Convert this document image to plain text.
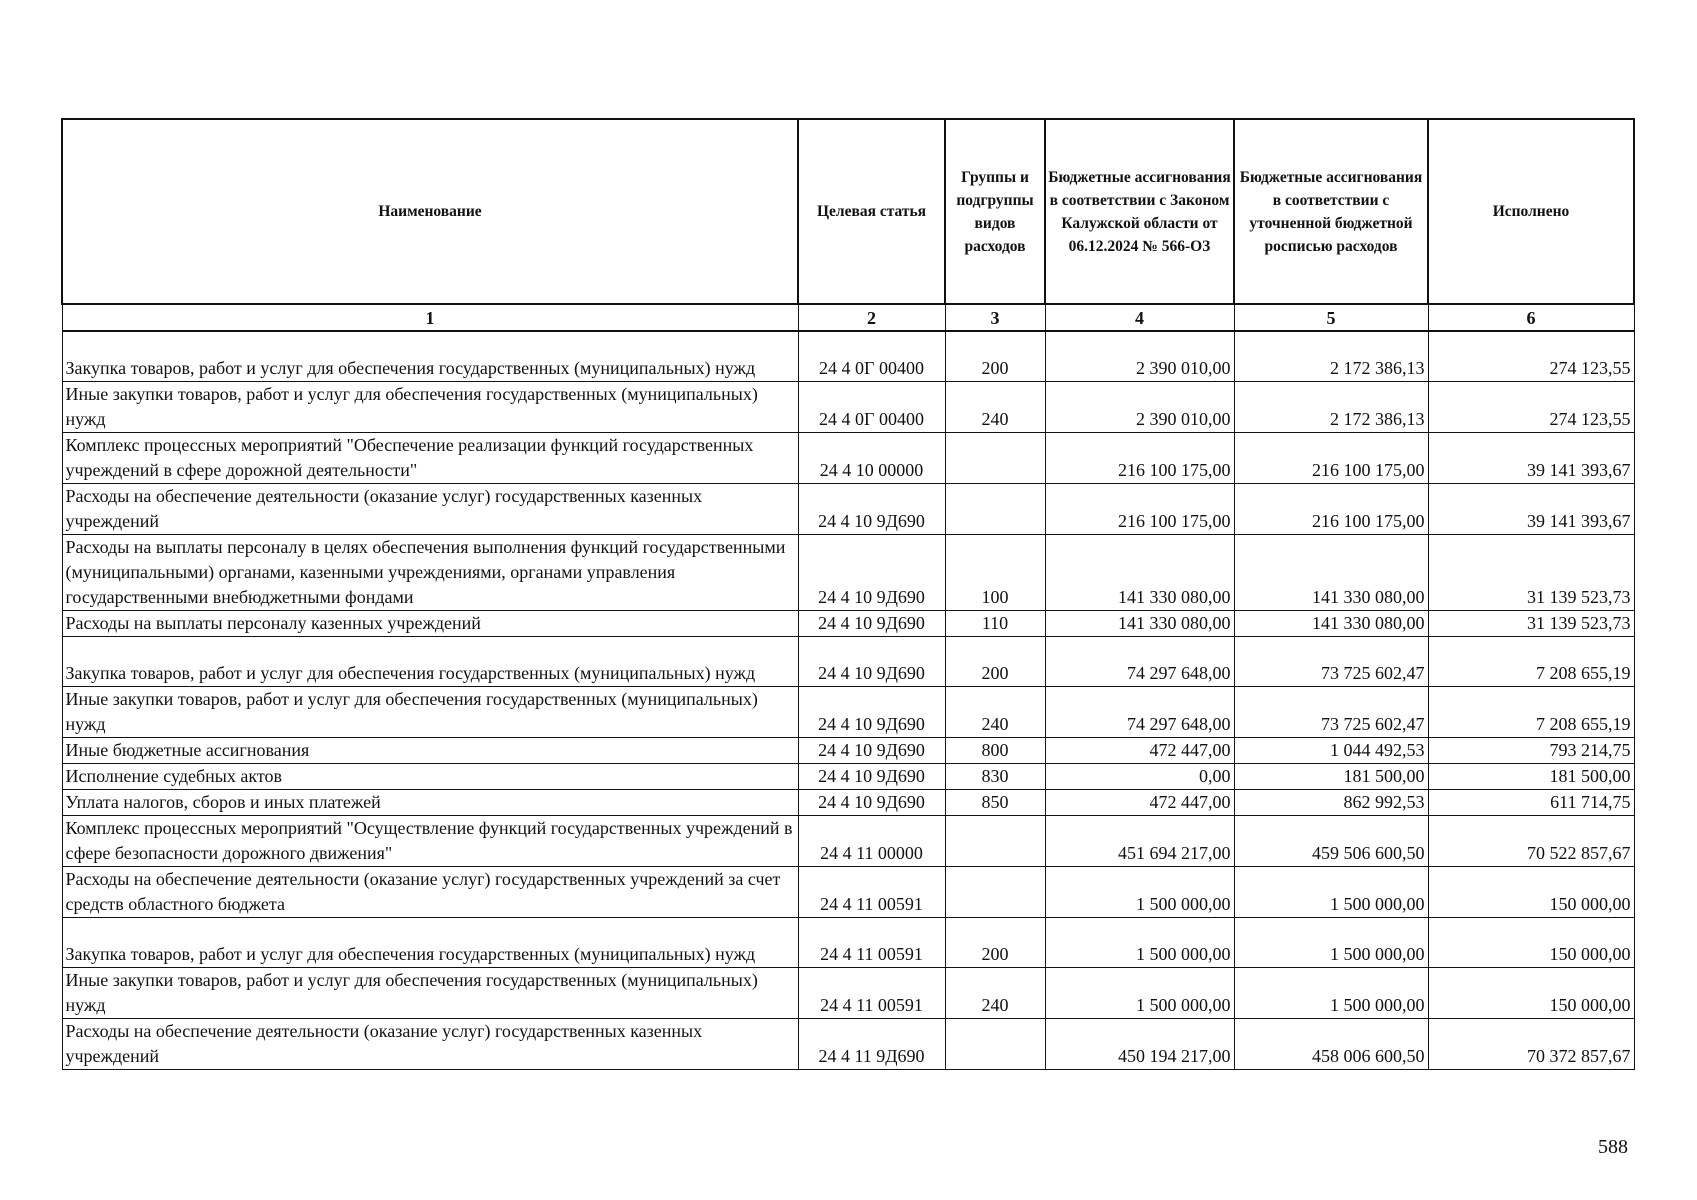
Наименование	Целевая статья	Группы и подгруппы видов расходов	Бюджетные ассигнования в соответствии с Законом Калужской области от 06.12.2024 № 566-ОЗ	Бюджетные ассигнования в соответствии с уточненной бюджетной росписью расходов	Исполнено
1	2	3	4	5	6
Закупка товаров, работ и услуг для обеспечения государственных (муниципальных) нужд	24 4 0Г 00400	200	2 390 010,00	2 172 386,13	274 123,55
Иные закупки товаров, работ и услуг для обеспечения государственных (муниципальных) нужд	24 4 0Г 00400	240	2 390 010,00	2 172 386,13	274 123,55
Комплекс процессных мероприятий "Обеспечение реализации функций государственных учреждений в сфере дорожной деятельности"	24 4 10 00000		216 100 175,00	216 100 175,00	39 141 393,67
Расходы на обеспечение деятельности (оказание услуг) государственных казенных учреждений	24 4 10 9Д690		216 100 175,00	216 100 175,00	39 141 393,67
Расходы на выплаты персоналу в целях обеспечения выполнения функций государственными (муниципальными) органами, казенными учреждениями, органами управления государственными внебюджетными фондами	24 4 10 9Д690	100	141 330 080,00	141 330 080,00	31 139 523,73
Расходы на выплаты персоналу казенных учреждений	24 4 10 9Д690	110	141 330 080,00	141 330 080,00	31 139 523,73
Закупка товаров, работ и услуг для обеспечения государственных (муниципальных) нужд	24 4 10 9Д690	200	74 297 648,00	73 725 602,47	7 208 655,19
Иные закупки товаров, работ и услуг для обеспечения государственных (муниципальных) нужд	24 4 10 9Д690	240	74 297 648,00	73 725 602,47	7 208 655,19
Иные бюджетные ассигнования	24 4 10 9Д690	800	472 447,00	1 044 492,53	793 214,75
Исполнение судебных актов	24 4 10 9Д690	830	0,00	181 500,00	181 500,00
Уплата налогов, сборов и иных платежей	24 4 10 9Д690	850	472 447,00	862 992,53	611 714,75
Комплекс процессных мероприятий "Осуществление функций государственных учреждений в сфере безопасности дорожного движения"	24 4 11 00000		451 694 217,00	459 506 600,50	70 522 857,67
Расходы на обеспечение деятельности (оказание услуг) государственных учреждений за счет средств областного бюджета	24 4 11 00591		1 500 000,00	1 500 000,00	150 000,00
Закупка товаров, работ и услуг для обеспечения государственных (муниципальных) нужд	24 4 11 00591	200	1 500 000,00	1 500 000,00	150 000,00
Иные закупки товаров, работ и услуг для обеспечения государственных (муниципальных) нужд	24 4 11 00591	240	1 500 000,00	1 500 000,00	150 000,00
Расходы на обеспечение деятельности (оказание услуг) государственных казенных учреждений	24 4 11 9Д690		450 194 217,00	458 006 600,50	70 372 857,67
588
